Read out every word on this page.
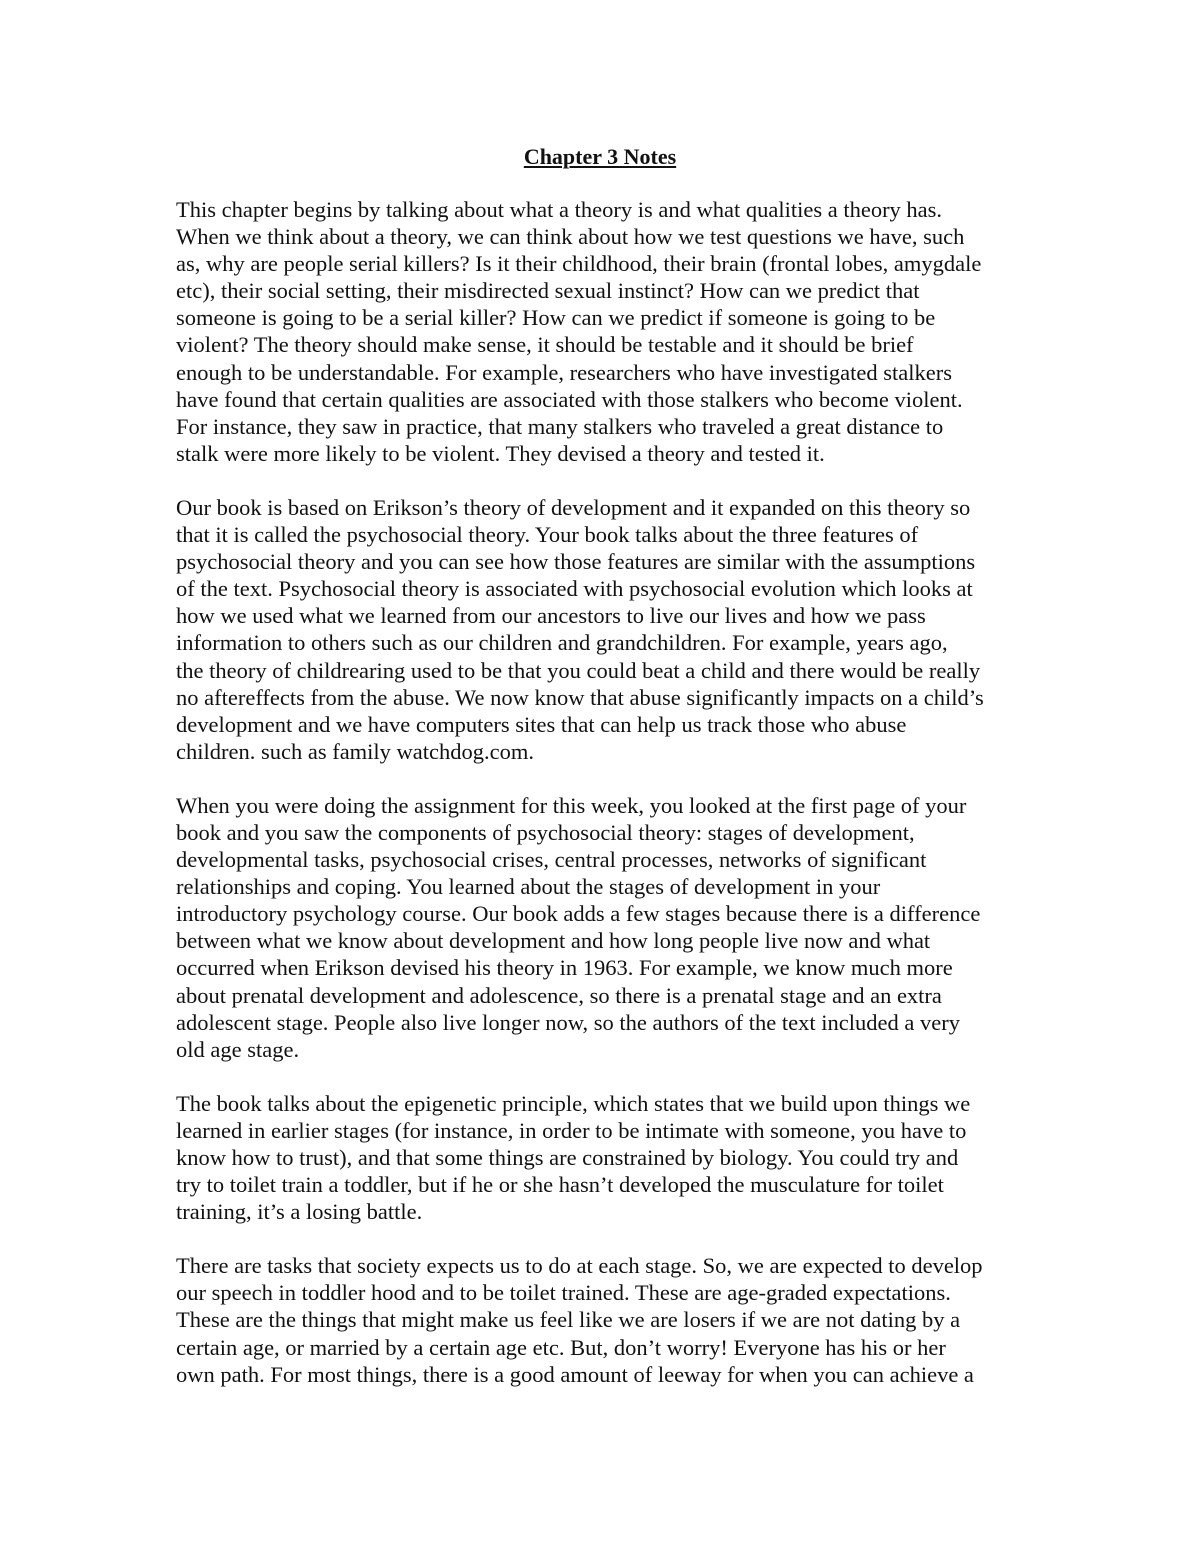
Chapter 3 Notes

This chapter begins by talking about what a theory is and what qualities a theory has.
When we think about a theory, we can think about how we test questions we have, such
as, why are people serial killers? Is it their childhood, their brain (frontal lobes, amygdale
etc), their social setting, their misdirected sexual instinct? How can we predict that
someone is going to be a serial killer? How can we predict if someone is going to be
violent? The theory should make sense, it should be testable and it should be brief
enough to be understandable. For example, researchers who have investigated stalkers
have found that certain qualities are associated with those stalkers who become violent.
For instance, they saw in practice, that many stalkers who traveled a great distance to
stalk were more likely to be violent. They devised a theory and tested it.

Our book is based on Erikson’s theory of development and it expanded on this theory so
that it is called the psychosocial theory. Your book talks about the three features of
psychosocial theory and you can see how those features are similar with the assumptions
of the text. Psychosocial theory is associated with psychosocial evolution which looks at
how we used what we learned from our ancestors to live our lives and how we pass
information to others such as our children and grandchildren. For example, years ago,
the theory of childrearing used to be that you could beat a child and there would be really
no aftereffects from the abuse. We now know that abuse significantly impacts on a child’s
development and we have computers sites that can help us track those who abuse
children. such as family watchdog.com.

When you were doing the assignment for this week, you looked at the first page of your
book and you saw the components of psychosocial theory: stages of development,
developmental tasks, psychosocial crises, central processes, networks of significant
relationships and coping. You learned about the stages of development in your
introductory psychology course. Our book adds a few stages because there is a difference
between what we know about development and how long people live now and what
occurred when Erikson devised his theory in 1963. For example, we know much more
about prenatal development and adolescence, so there is a prenatal stage and an extra
adolescent stage. People also live longer now, so the authors of the text included a very
old age stage.

The book talks about the epigenetic principle, which states that we build upon things we
learned in earlier stages (for instance, in order to be intimate with someone, you have to
know how to trust), and that some things are constrained by biology. You could try and
try to toilet train a toddler, but if he or she hasn’t developed the musculature for toilet
training, it’s a losing battle.

There are tasks that society expects us to do at each stage. So, we are expected to develop
our speech in toddler hood and to be toilet trained. These are age-graded expectations.
These are the things that might make us feel like we are losers if we are not dating by a
certain age, or married by a certain age etc. But, don’t worry! Everyone has his or her
own path. For most things, there is a good amount of leeway for when you can achieve a
